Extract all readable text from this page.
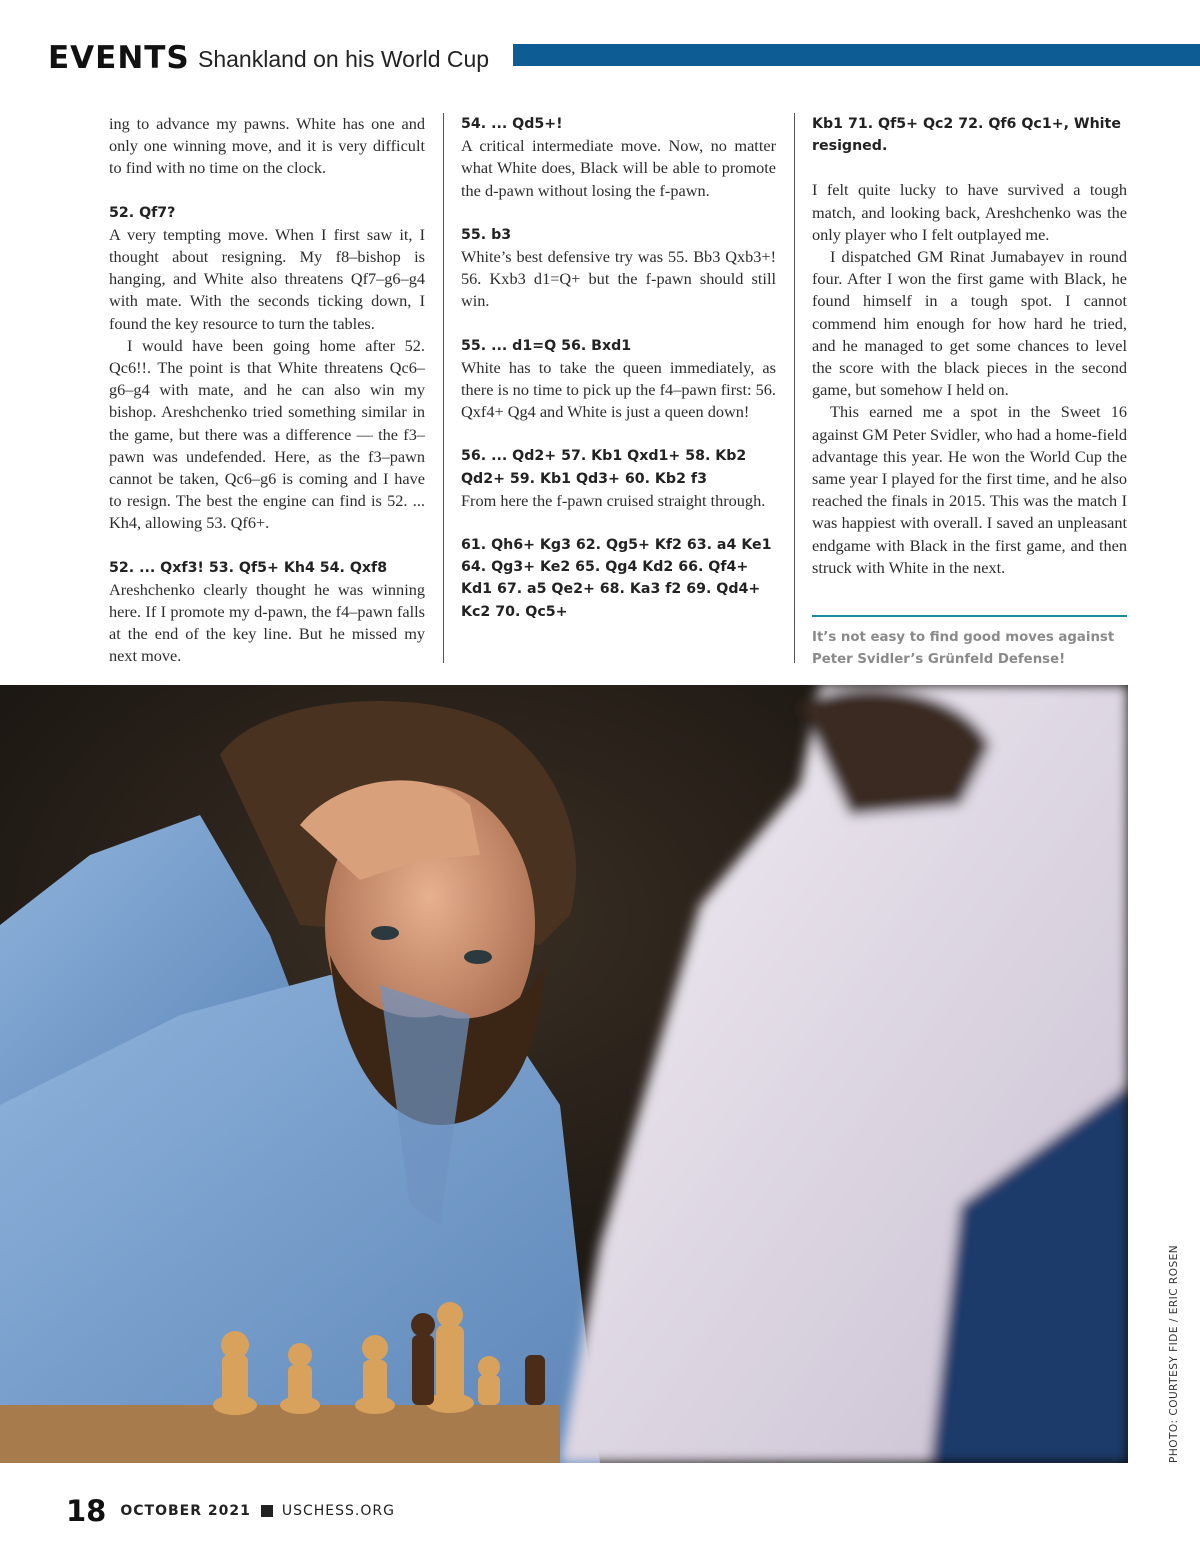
EVENTS Shankland on his World Cup

ing to advance my pawns. White has one and only one winning move, and it is very difficult to find with no time on the clock.

52. Qf7?

A very tempting move. When I first saw it, I thought about resigning. My f8–bishop is hanging, and White also threatens Qf7–g6–g4 with mate. With the seconds ticking down, I found the key resource to turn the tables.

I would have been going home after 52. Qc6!!. The point is that White threatens Qc6–g6–g4 with mate, and he can also win my bishop. Areshchenko tried something similar in the game, but there was a difference — the f3–pawn was undefended. Here, as the f3–pawn cannot be taken, Qc6–g6 is coming and I have to resign. The best the engine can find is 52. ... Kh4, allowing 53. Qf6+.

52. ... Qxf3! 53. Qf5+ Kh4 54. Qxf8

Areshchenko clearly thought he was winning here. If I promote my d-pawn, the f4–pawn falls at the end of the key line. But he missed my next move.

54. ... Qd5+!

A critical intermediate move. Now, no matter what White does, Black will be able to promote the d-pawn without losing the f-pawn.

55. b3

White’s best defensive try was 55. Bb3 Qxb3+! 56. Kxb3 d1=Q+ but the f-pawn should still win.

55. ... d1=Q 56. Bxd1

White has to take the queen immediately, as there is no time to pick up the f4–pawn first: 56. Qxf4+ Qg4 and White is just a queen down!

56. ... Qd2+ 57. Kb1 Qxd1+ 58. Kb2 Qd2+ 59. Kb1 Qd3+ 60. Kb2 f3

From here the f-pawn cruised straight through.

61. Qh6+ Kg3 62. Qg5+ Kf2 63. a4 Ke1 64. Qg3+ Ke2 65. Qg4 Kd2 66. Qf4+ Kd1 67. a5 Qe2+ 68. Ka3 f2 69. Qd4+ Kc2 70. Qc5+
Kb1 71. Qf5+ Qc2 72. Qf6 Qc1+, White resigned.

I felt quite lucky to have survived a tough match, and looking back, Areshchenko was the only player who I felt outplayed me.

I dispatched GM Rinat Jumabayev in round four. After I won the first game with Black, he found himself in a tough spot. I cannot commend him enough for how hard he tried, and he managed to get some chances to level the score with the black pieces in the second game, but somehow I held on.

This earned me a spot in the Sweet 16 against GM Peter Svidler, who had a home-field advantage this year. He won the World Cup the same year I played for the first time, and he also reached the finals in 2015. This was the match I was happiest with overall. I saved an unpleasant endgame with Black in the first game, and then struck with White in the next.

It’s not easy to find good moves against Peter Svidler’s Grünfeld Defense!
PHOTO: COURTESY FIDE / ERIC ROSEN
18 OCTOBER 2021 USCHESS.ORG
